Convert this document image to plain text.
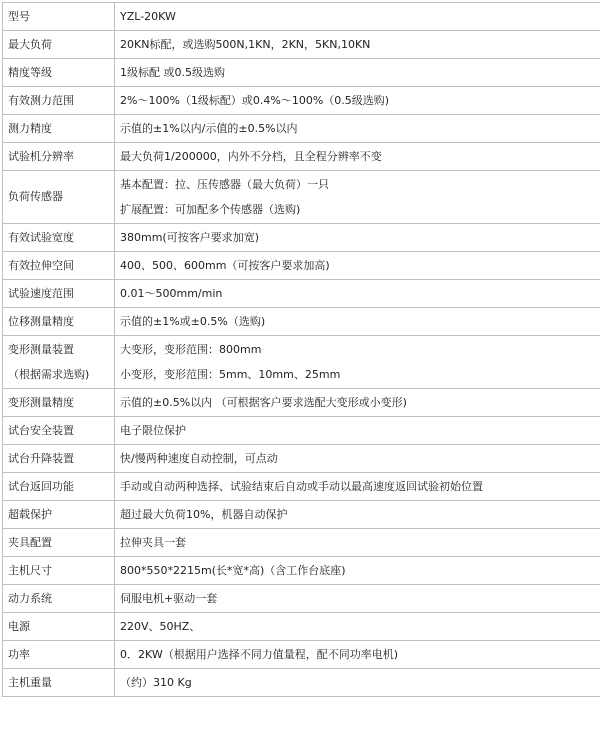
型号	YZL-20KW
最大负荷	20KN标配，或选购500N,1KN，2KN，5KN,10KN
精度等级	1级标配 或0.5级选购
有效测力范围	2%～100%（1级标配）或0.4%～100%（0.5级选购)
测力精度	示值的±1%以内/示值的±0.5%以内
试验机分辨率	最大负荷1/200000，内外不分档，且全程分辨率不变
负荷传感器	基本配置：拉、压传感器（最大负荷）一只
扩展配置：可加配多个传感器（选购)

有效试验宽度	380mm(可按客户要求加宽)
有效拉伸空间	400、500、600mm（可按客户要求加高)
试验速度范围	0.01～500mm/min
位移测量精度	示值的±1%或±0.5%（选购)

变形测量装置
（根据需求选购)	大变形，变形范围：800mm
小变形，变形范围：5mm、10mm、25mm

变形测量精度	示值的±0.5%以内 （可根据客户要求选配大变形或小变形)
试台安全装置	电子限位保护
试台升降装置	快/慢两种速度自动控制，可点动
试台返回功能	手动或自动两种选择、试验结束后自动或手动以最高速度返回试验初始位置
超载保护	超过最大负荷10%，机器自动保护
夹具配置	拉伸夹具一套
主机尺寸	800*550*2215m(长*宽*高)（含工作台底座)
动力系统	伺服电机+驱动一套
电源	220V、50HZ、
功率	0．2KW（根据用户选择不同力值量程，配不同功率电机)
主机重量	（约）310 Kg
